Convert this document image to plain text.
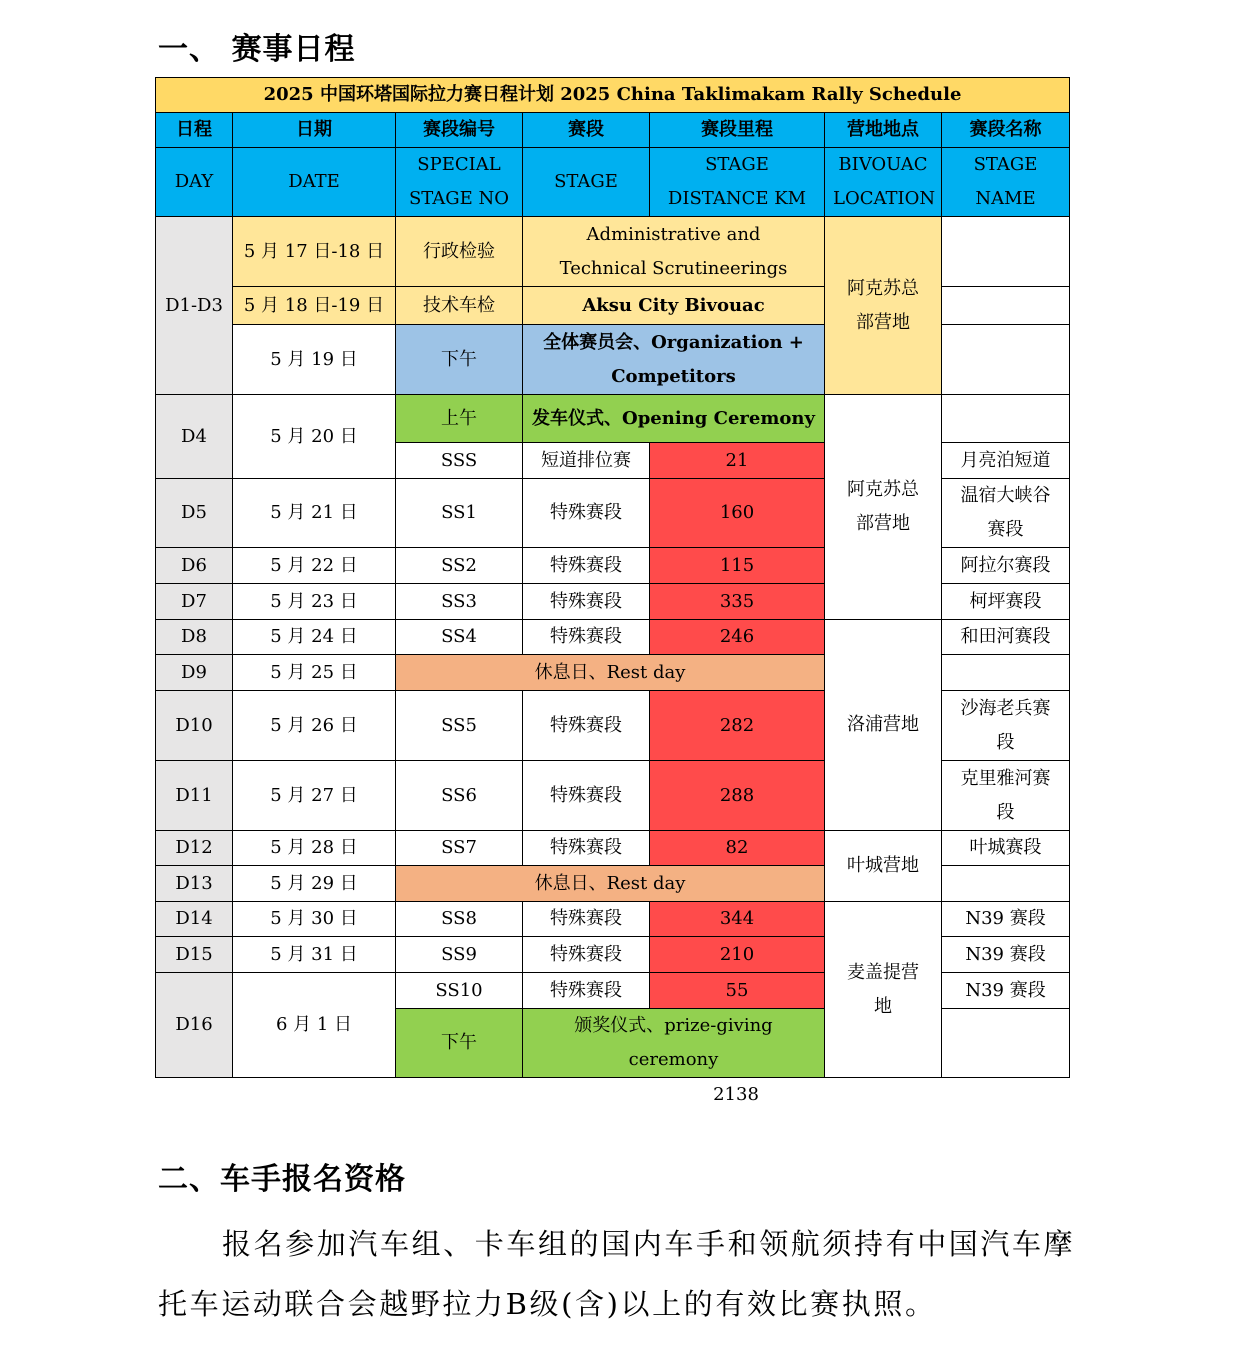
一、 赛事日程
2025 中国环塔国际拉力赛日程计划 2025 China Taklimakam Rally Schedule						
日程	日期	赛段编号	赛段	赛段里程	营地地点	赛段名称
DAY	DATE	SPECIAL STAGE NO	STAGE	STAGE DISTANCE KM	BIVOUAC LOCATION	STAGE NAME
D1-D3	5 月 17 日-18 日	行政检验	Administrative and Technical Scrutineerings		阿克苏总部营地	
	5 月 18 日-19 日	技术车检	Aksu City Bivouac			
	5 月 19 日	下午	全体赛员会、Organization + Competitors			
D4	5 月 20 日	上午	发车仪式、Opening Ceremony		阿克苏总部营地	
		SSS	短道排位赛	21		月亮泊短道
D5	5 月 21 日	SS1	特殊赛段	160		温宿大峡谷赛段
D6	5 月 22 日	SS2	特殊赛段	115		阿拉尔赛段
D7	5 月 23 日	SS3	特殊赛段	335		柯坪赛段
D8	5 月 24 日	SS4	特殊赛段	246	洛浦营地	和田河赛段
D9	5 月 25 日	休息日、Rest day				
D10	5 月 26 日	SS5	特殊赛段	282		沙海老兵赛段
D11	5 月 27 日	SS6	特殊赛段	288		克里雅河赛段
D12	5 月 28 日	SS7	特殊赛段	82	叶城营地	叶城赛段
D13	5 月 29 日	休息日、Rest day				
D14	5 月 30 日	SS8	特殊赛段	344	麦盖提营地	N39 赛段
D15	5 月 31 日	SS9	特殊赛段	210		N39 赛段
D16	6 月 1 日	SS10	特殊赛段	55		N39 赛段
		下午	颁奖仪式、prize-giving ceremony			
2138
二、车手报名资格

报名参加汽车组、卡车组的国内车手和领航须持有中国汽车摩托车运动联合会越野拉力B级(含)以上的有效比赛执照。
